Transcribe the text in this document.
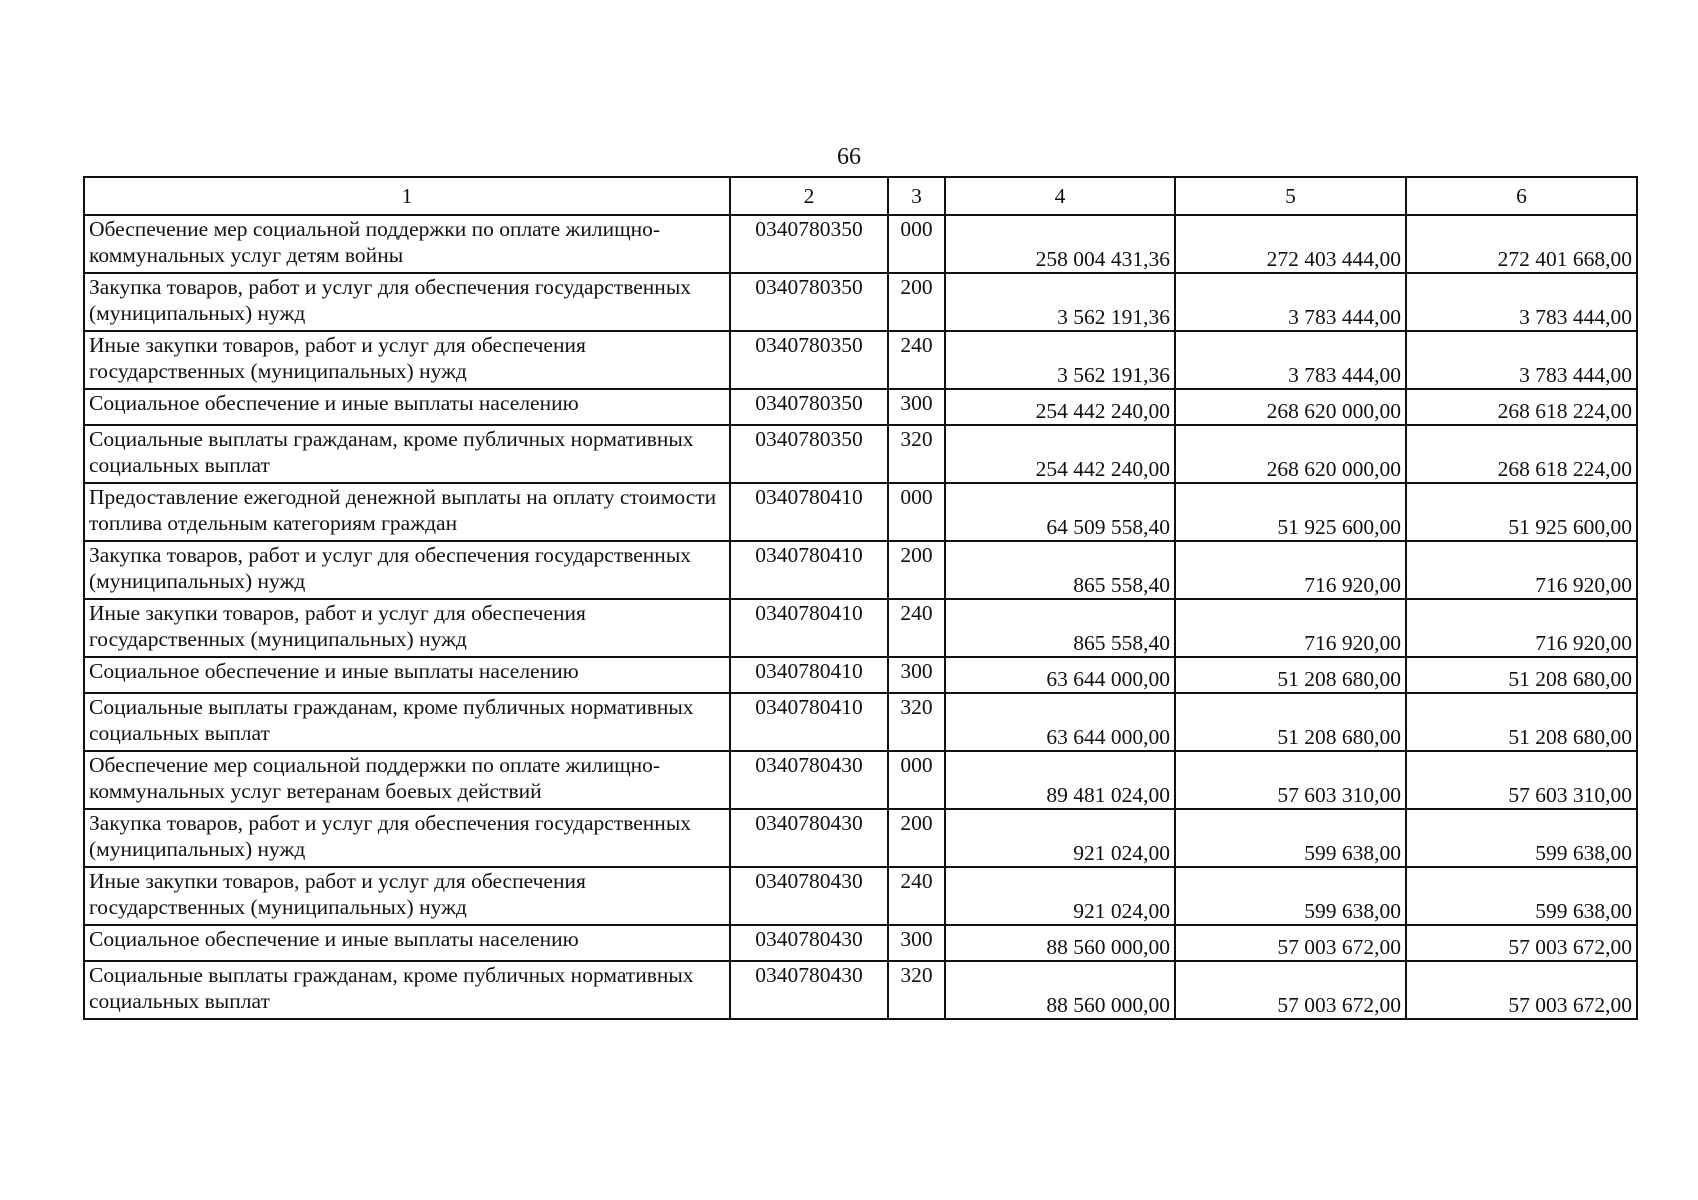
66
1	2	3	4	5	6
Обеспечение мер социальной поддержки по оплате жилищно-коммунальных услуг детям войны	0340780350	000	258 004 431,36	272 403 444,00	272 401 668,00
Закупка товаров, работ и услуг для обеспечения государственных (муниципальных) нужд	0340780350	200	3 562 191,36	3 783 444,00	3 783 444,00
Иные закупки товаров, работ и услуг для обеспечения государственных (муниципальных) нужд	0340780350	240	3 562 191,36	3 783 444,00	3 783 444,00
Социальное обеспечение и иные выплаты населению	0340780350	300	254 442 240,00	268 620 000,00	268 618 224,00
Социальные выплаты гражданам, кроме публичных нормативных социальных выплат	0340780350	320	254 442 240,00	268 620 000,00	268 618 224,00
Предоставление ежегодной денежной выплаты на оплату стоимости топлива отдельным категориям граждан	0340780410	000	64 509 558,40	51 925 600,00	51 925 600,00
Закупка товаров, работ и услуг для обеспечения государственных (муниципальных) нужд	0340780410	200	865 558,40	716 920,00	716 920,00
Иные закупки товаров, работ и услуг для обеспечения государственных (муниципальных) нужд	0340780410	240	865 558,40	716 920,00	716 920,00
Социальное обеспечение и иные выплаты населению	0340780410	300	63 644 000,00	51 208 680,00	51 208 680,00
Социальные выплаты гражданам, кроме публичных нормативных социальных выплат	0340780410	320	63 644 000,00	51 208 680,00	51 208 680,00
Обеспечение мер социальной поддержки по оплате жилищно-коммунальных услуг ветеранам боевых действий	0340780430	000	89 481 024,00	57 603 310,00	57 603 310,00
Закупка товаров, работ и услуг для обеспечения государственных (муниципальных) нужд	0340780430	200	921 024,00	599 638,00	599 638,00
Иные закупки товаров, работ и услуг для обеспечения государственных (муниципальных) нужд	0340780430	240	921 024,00	599 638,00	599 638,00
Социальное обеспечение и иные выплаты населению	0340780430	300	88 560 000,00	57 003 672,00	57 003 672,00
Социальные выплаты гражданам, кроме публичных нормативных социальных выплат	0340780430	320	88 560 000,00	57 003 672,00	57 003 672,00
